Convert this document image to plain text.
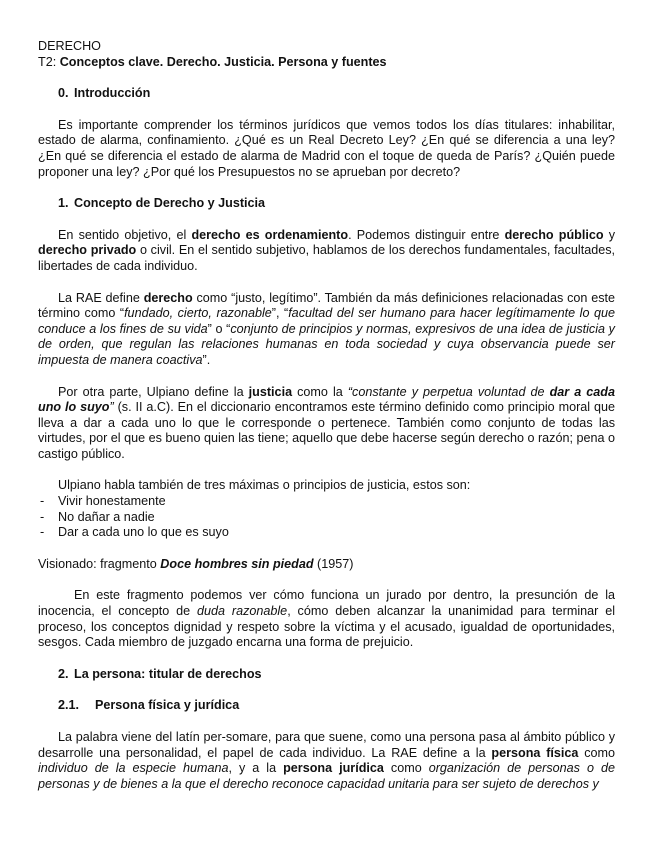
DERECHO

T2: Conceptos clave. Derecho. Justicia. Persona y fuentes

0. Introducción

Es importante comprender los términos jurídicos que vemos todos los días titulares: inhabilitar, estado de alarma, confinamiento. ¿Qué es un Real Decreto Ley? ¿En qué se diferencia a una ley? ¿En qué se diferencia el estado de alarma de Madrid con el toque de queda de París? ¿Quién puede proponer una ley? ¿Por qué los Presupuestos no se aprueban por decreto?

1. Concepto de Derecho y Justicia

En sentido objetivo, el derecho es ordenamiento. Podemos distinguir entre derecho público y derecho privado o civil. En el sentido subjetivo, hablamos de los derechos fundamentales, facultades, libertades de cada individuo.

La RAE define derecho como “justo, legítimo”. También da más definiciones relacionadas con este término como “fundado, cierto, razonable”, “facultad del ser humano para hacer legítimamente lo que conduce a los fines de su vida” o “conjunto de principios y normas, expresivos de una idea de justicia y de orden, que regulan las relaciones humanas en toda sociedad y cuya observancia puede ser impuesta de manera coactiva”.

Por otra parte, Ulpiano define la justicia como la “constante y perpetua voluntad de dar a cada uno lo suyo” (s. II a.C). En el diccionario encontramos este término definido como principio moral que lleva a dar a cada uno lo que le corresponde o pertenece. También como conjunto de todas las virtudes, por el que es bueno quien las tiene; aquello que debe hacerse según derecho o razón; pena o castigo público.

Ulpiano habla también de tres máximas o principios de justicia, estos son:

- Vivir honestamente
- No dañar a nadie
- Dar a cada uno lo que es suyo

Visionado: fragmento Doce hombres sin piedad (1957)

En este fragmento podemos ver cómo funciona un jurado por dentro, la presunción de la inocencia, el concepto de duda razonable, cómo deben alcanzar la unanimidad para terminar el proceso, los conceptos dignidad y respeto sobre la víctima y el acusado, igualdad de oportunidades, sesgos. Cada miembro de juzgado encarna una forma de prejuicio.

2. La persona: titular de derechos

2.1. Persona física y jurídica

La palabra viene del latín per-somare, para que suene, como una persona pasa al ámbito público y desarrolle una personalidad, el papel de cada individuo. La RAE define a la persona física como individuo de la especie humana, y a la persona jurídica como organización de personas o de personas y de bienes a la que el derecho reconoce capacidad unitaria para ser sujeto de derechos y
